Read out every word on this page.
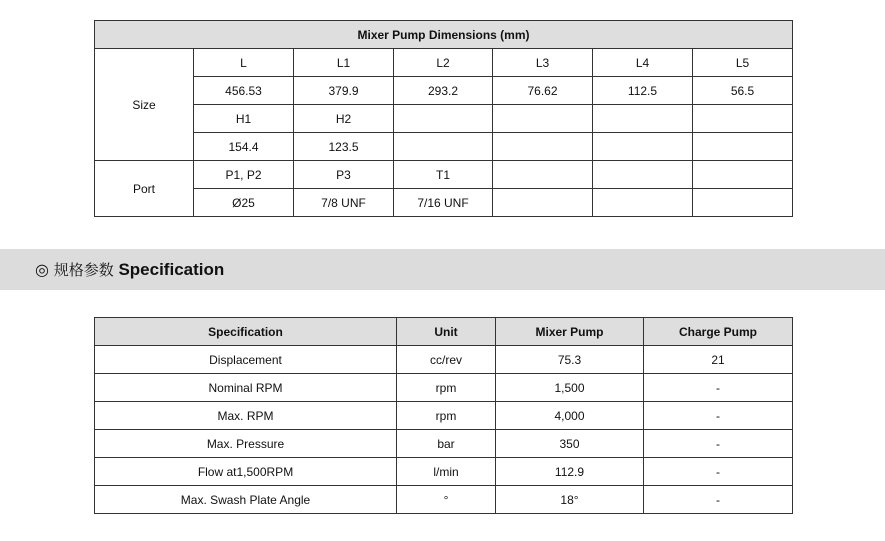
Mixer Pump Dimensions (mm)						
Size	L	L1	L2	L3	L4	L5
	456.53	379.9	293.2	76.62	112.5	56.5
	H1	H2				
	154.4	123.5				
Port	P1, P2	P3	T1			
	Ø25	7/8 UNF	7/16 UNF			
◎ 规格参数 Specification
Specification	Unit	Mixer Pump	Charge Pump
Displacement	cc/rev	75.3	21
Nominal RPM	rpm	1,500	-
Max. RPM	rpm	4,000	-
Max. Pressure	bar	350	-
Flow at1,500RPM	l/min	112.9	-
Max. Swash Plate Angle	°	18°	-
